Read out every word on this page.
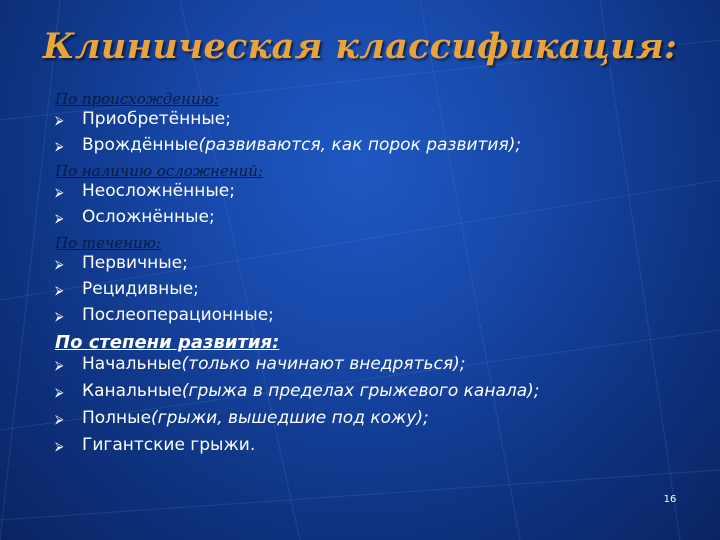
Клиническая классификация:
По происхождению:
⮚	Приобретённые;
⮚	Врождённые (развиваются, как порок развития);
По наличию осложнений:
⮚	Неосложнённые;
⮚	Осложнённые;
По течению:
⮚	Первичные;
⮚	Рецидивные;
⮚	Послеоперационные;
По степени развития:
⮚	Начальные (только начинают внедряться);
⮚	Канальные (грыжа в пределах грыжевого канала);
⮚	Полные (грыжи, вышедшие под кожу);
⮚	Гигантские грыжи.
16
